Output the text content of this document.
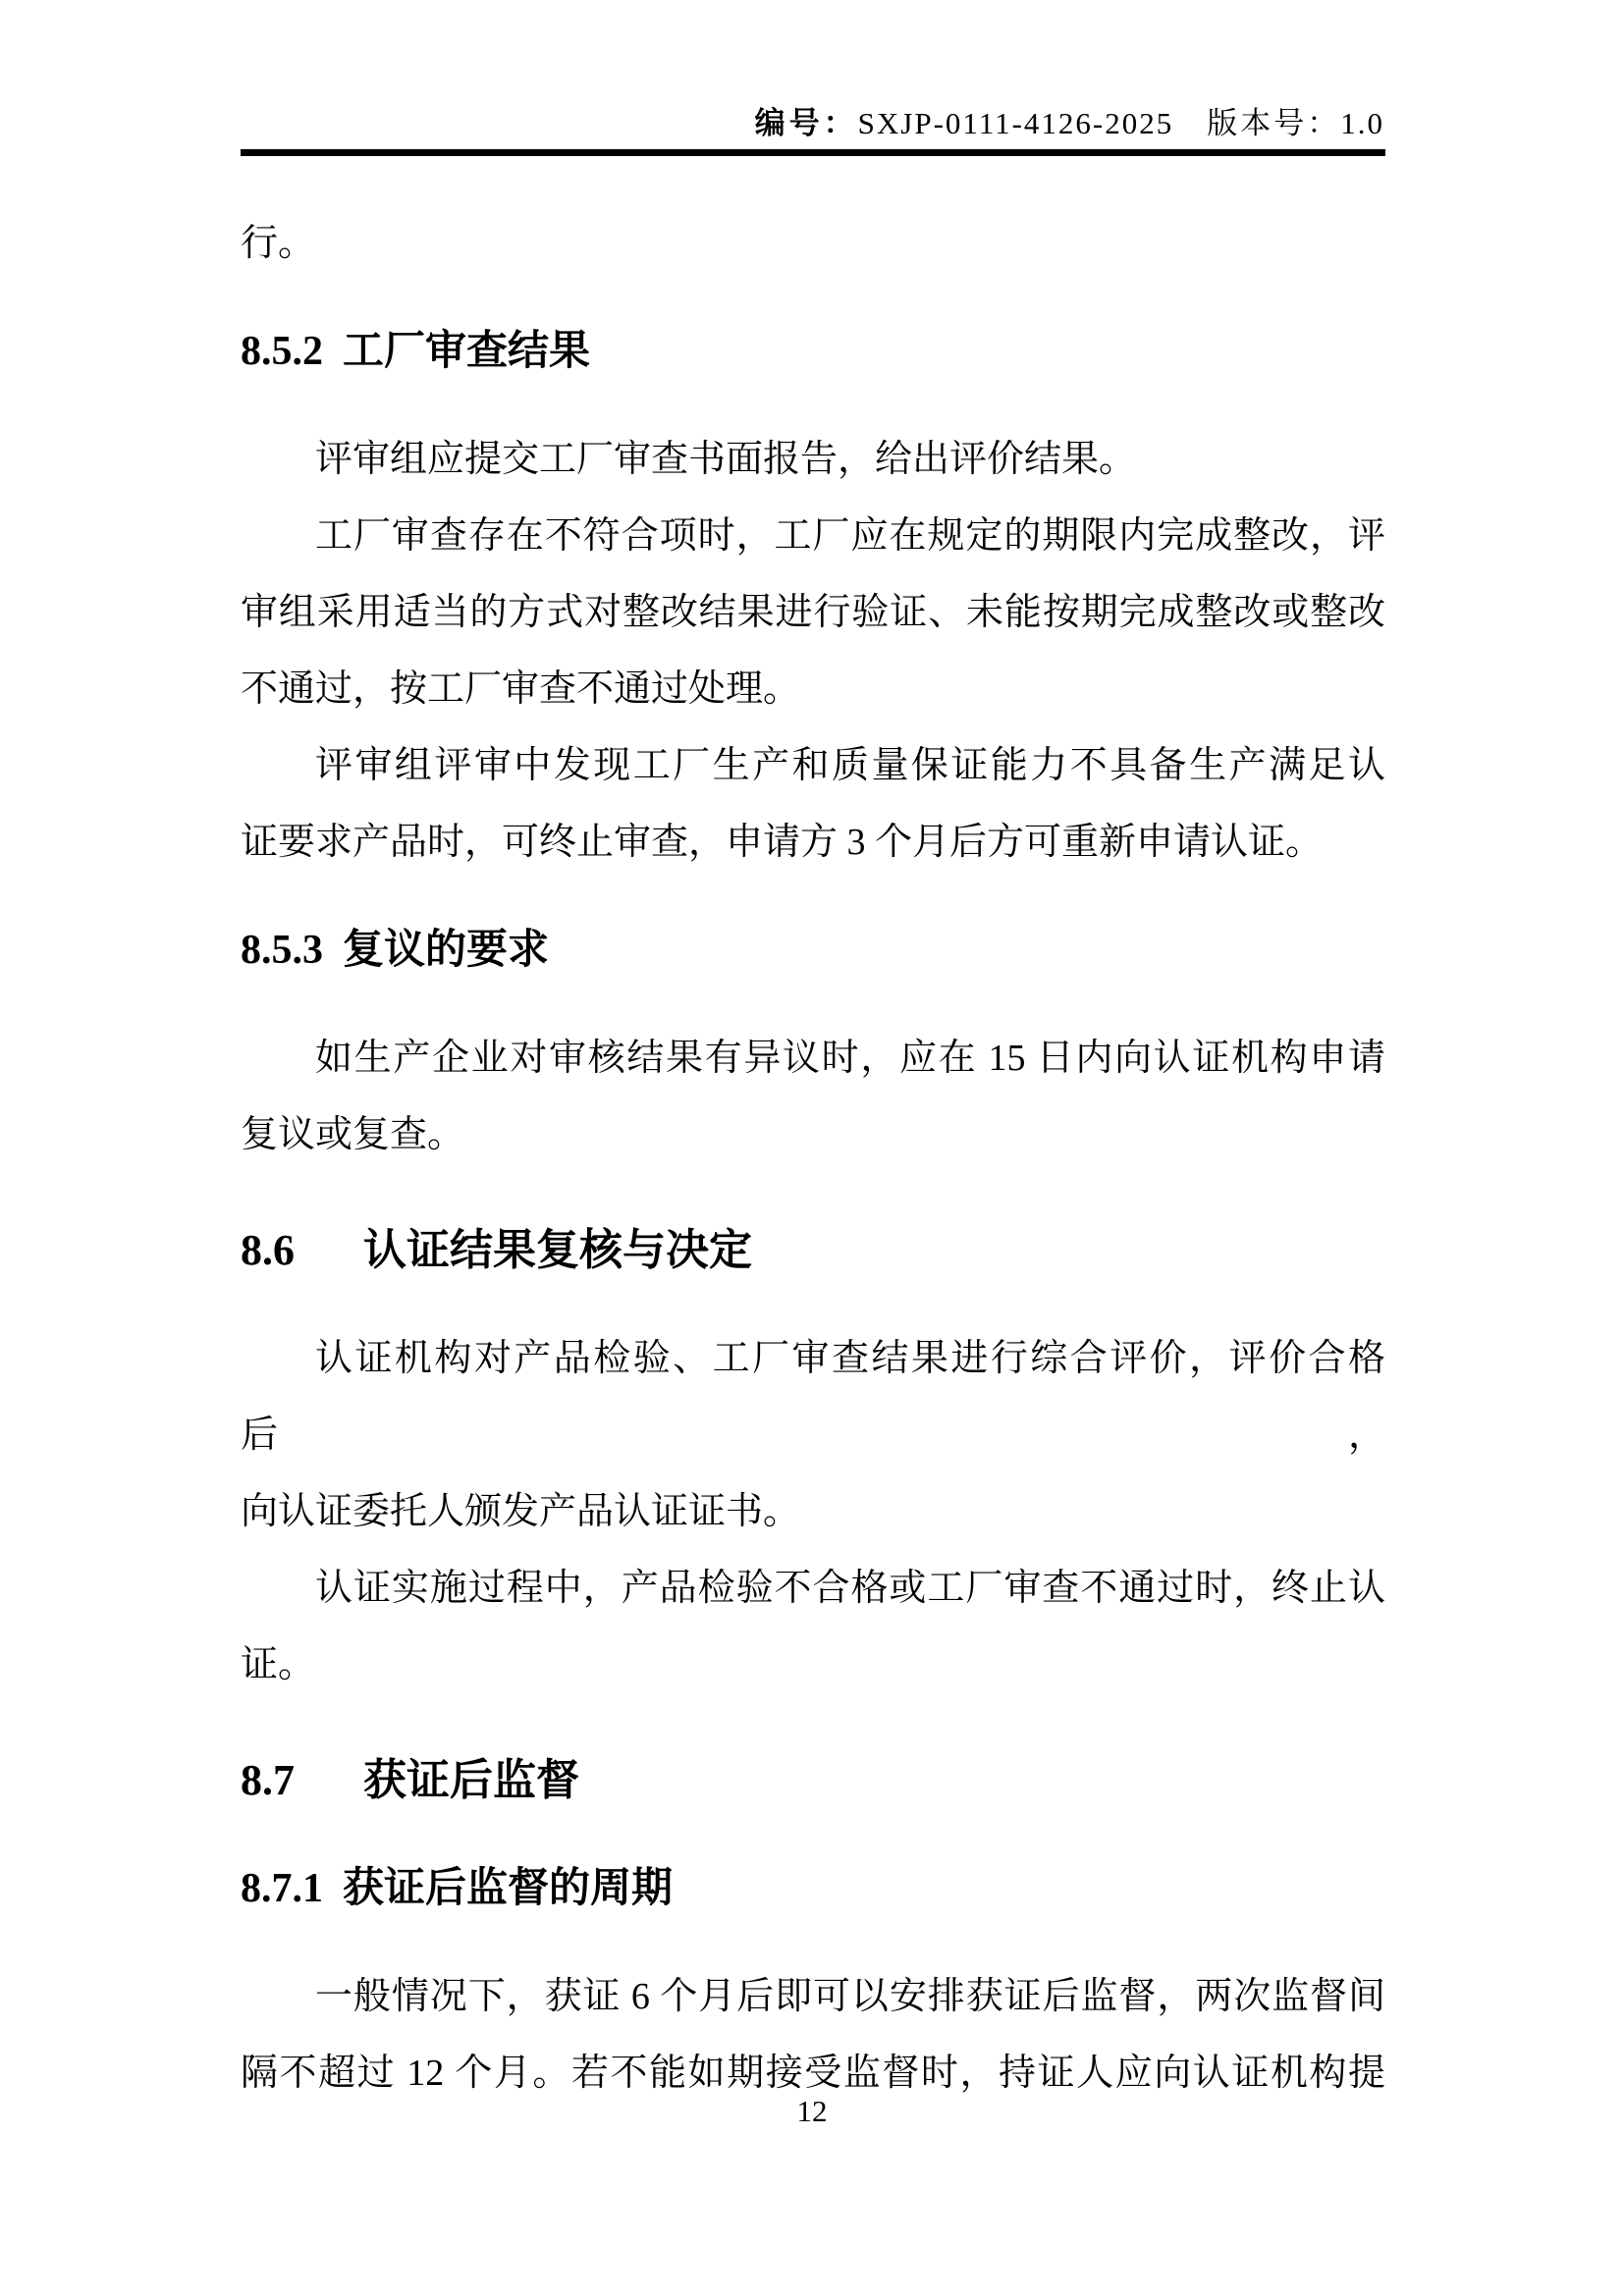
编号：SXJP-0111-4126-2025 版本号：1.0
行。
8.5.2 工厂审查结果
评审组应提交工厂审查书面报告，给出评价结果。
工厂审查存在不符合项时，工厂应在规定的期限内完成整改，评
审组采用适当的方式对整改结果进行验证、未能按期完成整改或整改
不通过，按工厂审查不通过处理。
评审组评审中发现工厂生产和质量保证能力不具备生产满足认
证要求产品时，可终止审查，申请方 3 个月后方可重新申请认证。
8.5.3 复议的要求
如生产企业对审核结果有异议时，应在 15 日内向认证机构申请
复议或复查。
8.6 认证结果复核与决定
认证机构对产品检验、工厂审查结果进行综合评价，评价合格后，
向认证委托人颁发产品认证证书。
认证实施过程中，产品检验不合格或工厂审查不通过时，终止认
证。
8.7 获证后监督
8.7.1 获证后监督的周期
一般情况下，获证 6 个月后即可以安排获证后监督，两次监督间
隔不超过 12 个月。若不能如期接受监督时，持证人应向认证机构提
12
